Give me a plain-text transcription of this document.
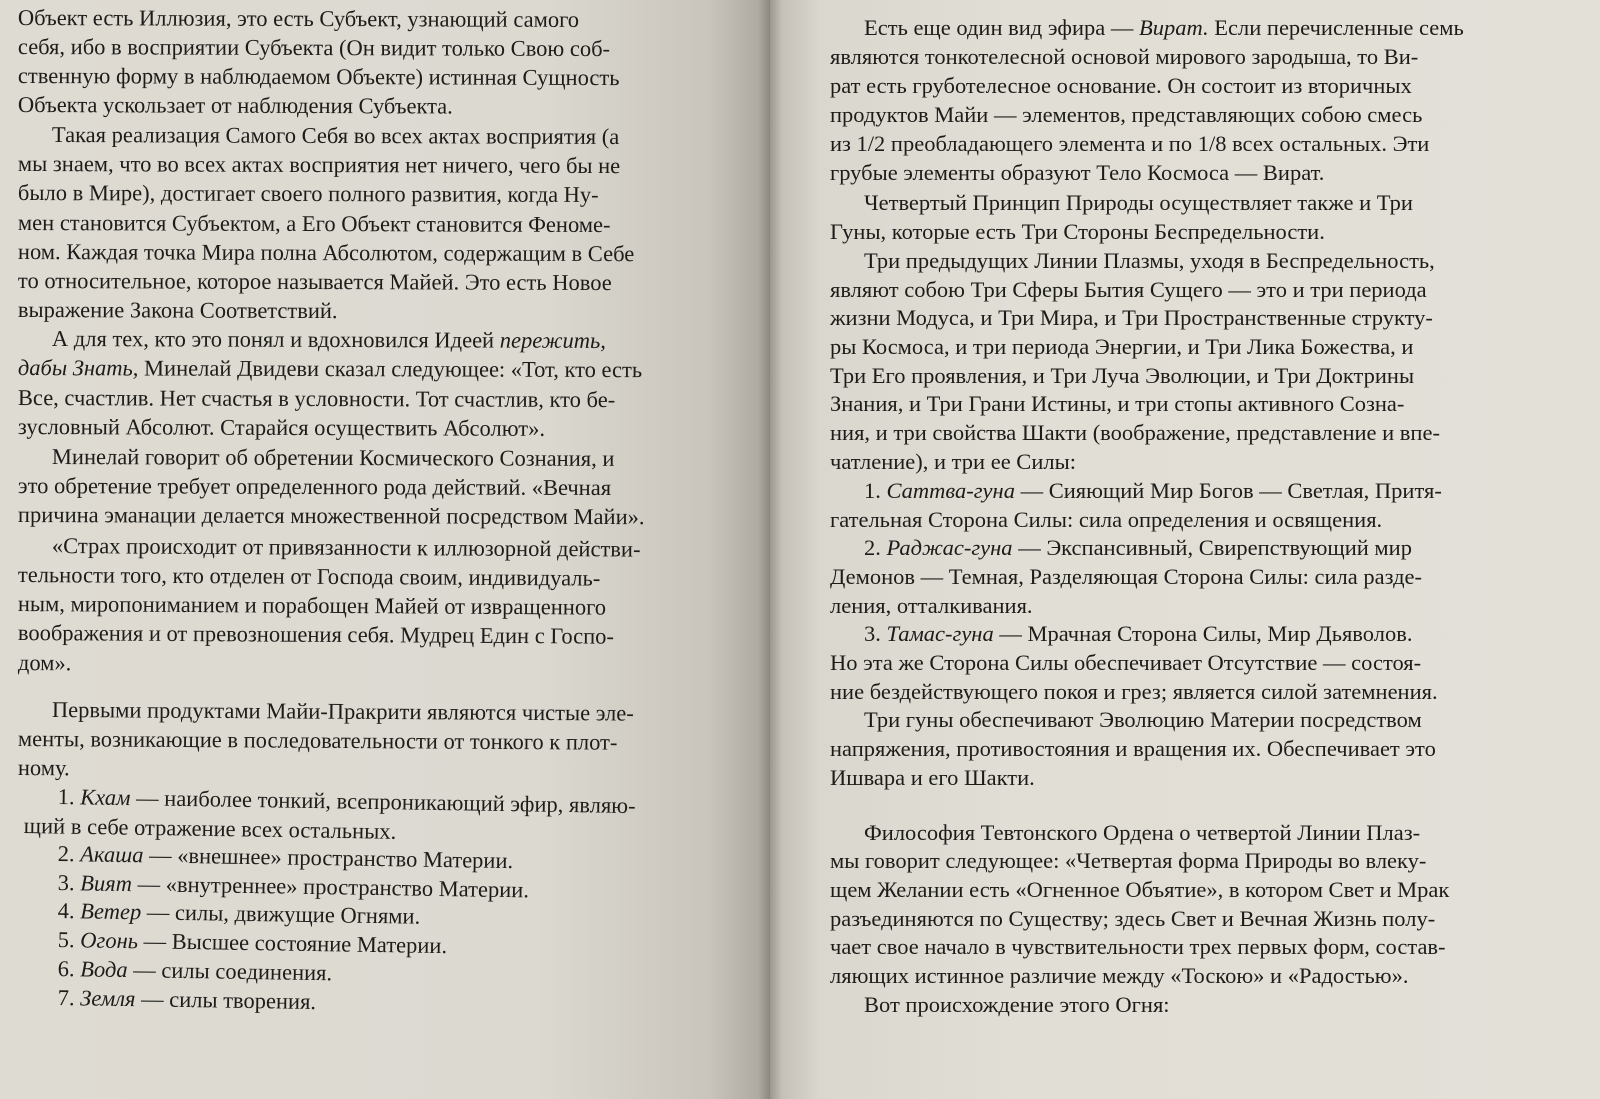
Объект есть Иллюзия, это есть Субъект, узнающий самого
себя, ибо в восприятии Субъекта (Он видит только Свою соб-
ственную форму в наблюдаемом Объекте) истинная Сущность
Объекта ускользает от наблюдения Субъекта.
Такая реализация Самого Себя во всех актах восприятия (а
мы знаем, что во всех актах восприятия нет ничего, чего бы не
было в Мире), достигает своего полного развития, когда Ну-
мен становится Субъектом, а Его Объект становится Феноме-
ном. Каждая точка Мира полна Абсолютом, содержащим в Себе
то относительное, которое называется Майей. Это есть Новое
выражение Закона Соответствий.
А для тех, кто это понял и вдохновился Идеей пережить,
дабы Знать, Минелай Двидеви сказал следующее: «Тот, кто есть
Все, счастлив. Нет счастья в условности. Тот счастлив, кто бе-
зусловный Абсолют. Старайся осуществить Абсолют».
Минелай говорит об обретении Космического Сознания, и
это обретение требует определенного рода действий. «Вечная
причина эманации делается множественной посредством Майи».
«Страх происходит от привязанности к иллюзорной действи-
тельности того, кто отделен от Господа своим, индивидуаль-
ным, миропониманием и порабощен Майей от извращенного
воображения и от превозношения себя. Мудрец Един с Госпо-
дом».
Первыми продуктами Майи-Пракрити являются чистые эле-
менты, возникающие в последовательности от тонкого к плот-
ному.
1. Кхам — наиболее тонкий, всепроникающий эфир, являю-
щий в себе отражение всех остальных.
2. Акаша — «внешнее» пространство Материи.
3. Вият — «внутреннее» пространство Материи.
4. Ветер — силы, движущие Огнями.
5. Огонь — Высшее состояние Материи.
6. Вода — силы соединения.
7. Земля — силы творения.
Есть еще один вид эфира — Вират. Если перечисленные семь
являются тонкотелесной основой мирового зародыша, то Ви-
рат есть груботелесное основание. Он состоит из вторичных
продуктов Майи — элементов, представляющих собою смесь
из 1/2 преобладающего элемента и по 1/8 всех остальных. Эти
грубые элементы образуют Тело Космоса — Вират.
Четвертый Принцип Природы осуществляет также и Три
Гуны, которые есть Три Стороны Беспредельности.
Три предыдущих Линии Плазмы, уходя в Беспредельность,
являют собою Три Сферы Бытия Сущего — это и три периода
жизни Модуса, и Три Мира, и Три Пространственные структу-
ры Космоса, и три периода Энергии, и Три Лика Божества, и
Три Его проявления, и Три Луча Эволюции, и Три Доктрины
Знания, и Три Грани Истины, и три стопы активного Созна-
ния, и три свойства Шакти (воображение, представление и впе-
чатление), и три ее Силы:
1. Саттва-гуна — Сияющий Мир Богов — Светлая, Притя-
гательная Сторона Силы: сила определения и освящения.
2. Раджас-гуна — Экспансивный, Свирепствующий мир
Демонов — Темная, Разделяющая Сторона Силы: сила разде-
ления, отталкивания.
3. Тамас-гуна — Мрачная Сторона Силы, Мир Дьяволов.
Но эта же Сторона Силы обеспечивает Отсутствие — состоя-
ние бездействующего покоя и грез; является силой затемнения.
Три гуны обеспечивают Эволюцию Материи посредством
напряжения, противостояния и вращения их. Обеспечивает это
Ишвара и его Шакти.
Философия Тевтонского Ордена о четвертой Линии Плаз-
мы говорит следующее: «Четвертая форма Природы во влеку-
щем Желании есть «Огненное Объятие», в котором Свет и Мрак
разъединяются по Существу; здесь Свет и Вечная Жизнь полу-
чает свое начало в чувствительности трех первых форм, состав-
ляющих истинное различие между «Тоскою» и «Радостью».
Вот происхождение этого Огня:
